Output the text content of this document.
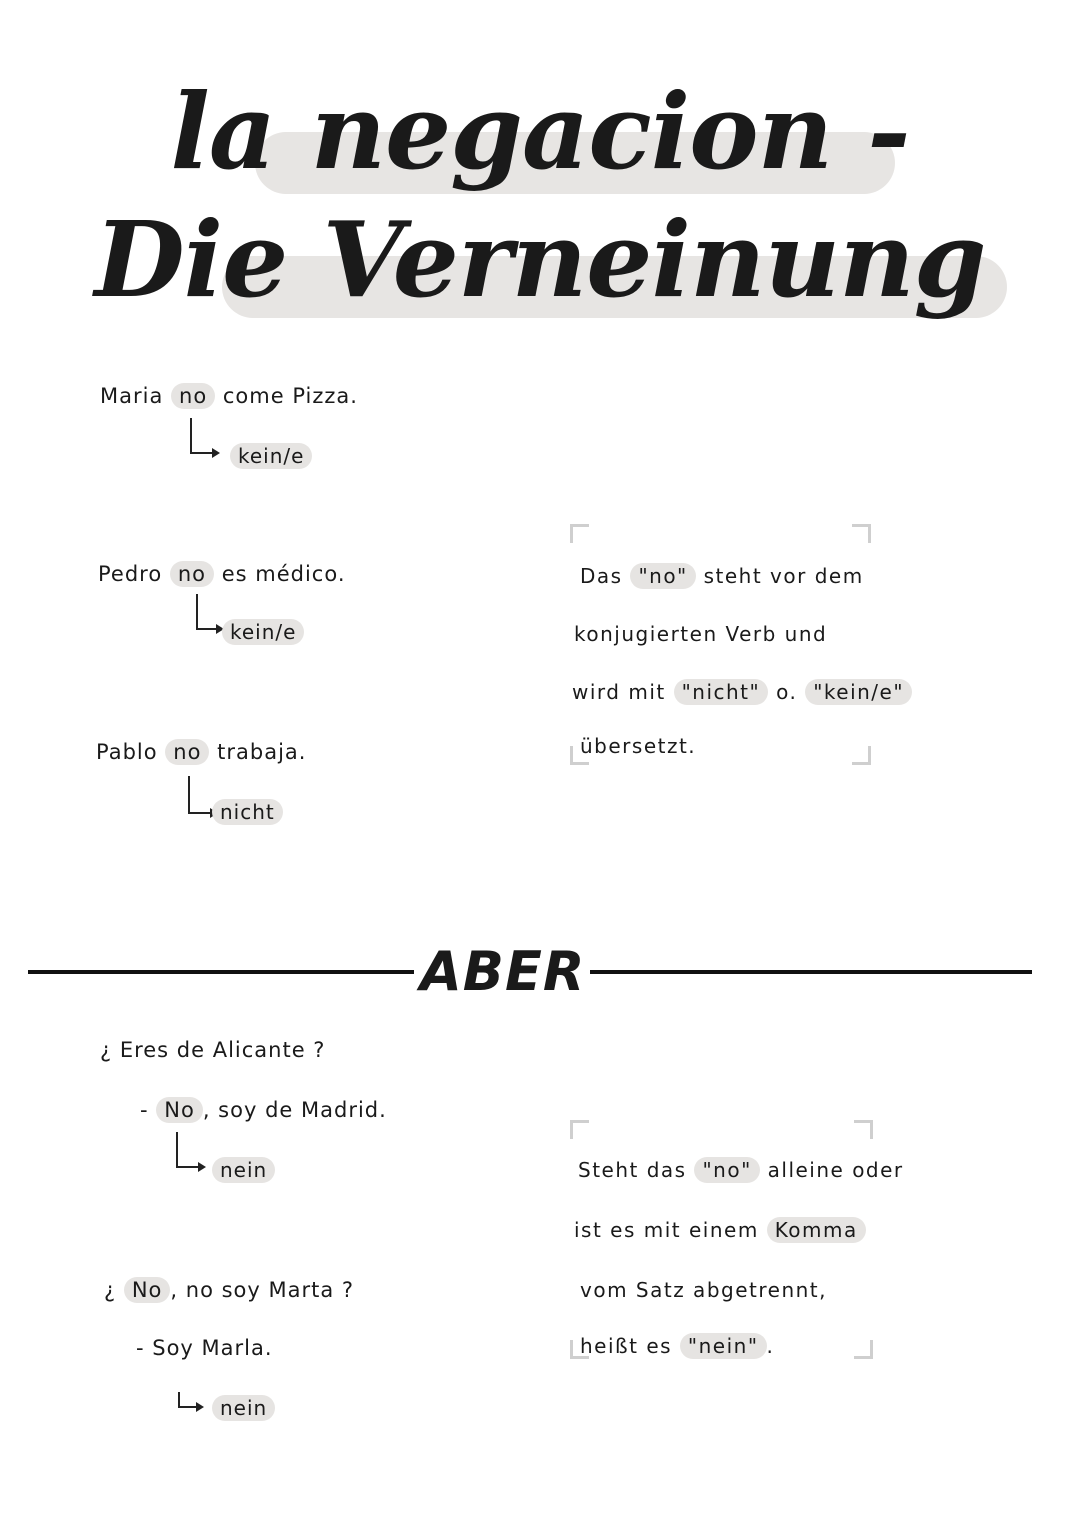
la negacion -
Die Verneinung
Maria no come Pizza.
kein/e
Pedro no es médico.
kein/e
Pablo no trabaja.
nicht
Das "no" steht vor dem
konjugierten Verb und
wird mit "nicht" o. "kein/e"
übersetzt.
ABER
¿ Eres de Alicante ?
- No , soy de Madrid.
nein
¿ No , no soy Marta ?
- Soy Marla.
nein
Steht das "no" alleine oder
ist es mit einem Komma
vom Satz abgetrennt,
heißt es "nein" .
